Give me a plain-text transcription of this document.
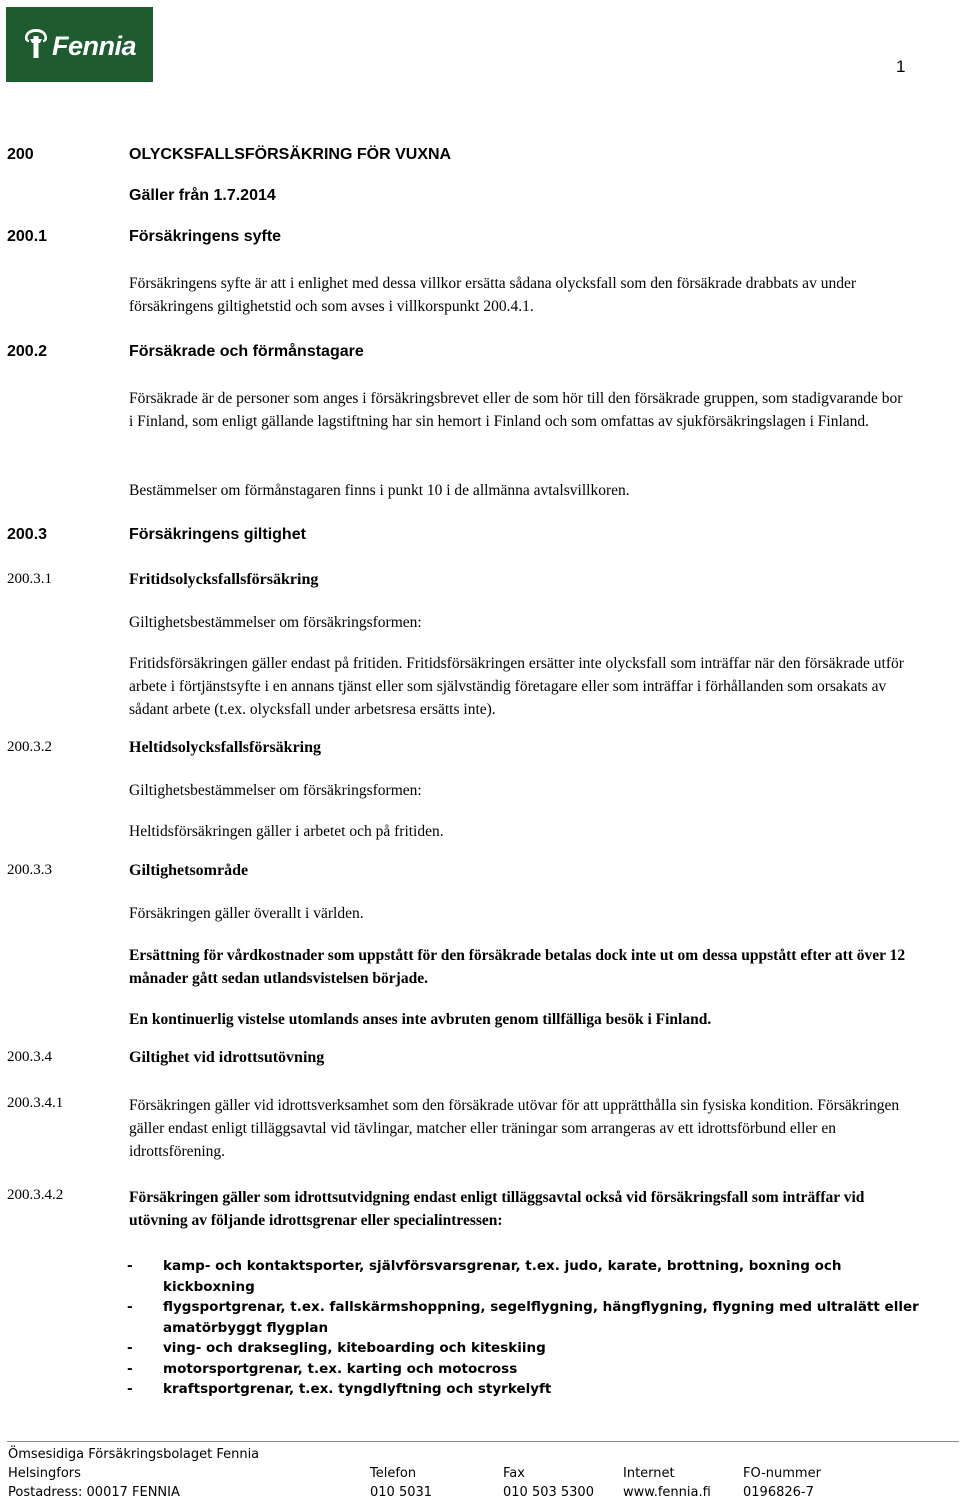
Fennia
1
200	OLYCKSFALLSFÖRSÄKRING FÖR VUXNA
Gäller från 1.7.2014
200.1	Försäkringens syfte
Försäkringens syfte är att i enlighet med dessa villkor ersätta sådana olycksfall som den försäkrade drabbats av under försäkringens giltighetstid och som avses i villkorspunkt 200.4.1.
200.2	Försäkrade och förmånstagare
Försäkrade är de personer som anges i försäkringsbrevet eller de som hör till den försäkrade gruppen, som stadigvarande bor i Finland, som enligt gällande lagstiftning har sin hemort i Finland och som omfattas av sjukförsäkringslagen i Finland.
Bestämmelser om förmånstagaren finns i punkt 10 i de allmänna avtalsvillkoren.
200.3	Försäkringens giltighet
200.3.1	Fritidsolycksfallsförsäkring
Giltighetsbestämmelser om försäkringsformen:
Fritidsförsäkringen gäller endast på fritiden. Fritidsförsäkringen ersätter inte olycksfall som inträffar när den försäkrade utför arbete i förtjänstsyfte i en annans tjänst eller som självständig företagare eller som inträffar i förhållanden som orsakats av sådant arbete (t.ex. olycksfall under arbetsresa ersätts inte).
200.3.2	Heltidsolycksfallsförsäkring
Giltighetsbestämmelser om försäkringsformen:
Heltidsförsäkringen gäller i arbetet och på fritiden.
200.3.3	Giltighetsområde
Försäkringen gäller överallt i världen.
Ersättning för vårdkostnader som uppstått för den försäkrade betalas dock inte ut om dessa uppstått efter att över 12 månader gått sedan utlandsvistelsen började.
En kontinuerlig vistelse utomlands anses inte avbruten genom tillfälliga besök i Finland.
200.3.4	Giltighet vid idrottsutövning
200.3.4.1	Försäkringen gäller vid idrottsverksamhet som den försäkrade utövar för att upprätthålla sin fysiska kondition. Försäkringen gäller endast enligt tilläggsavtal vid tävlingar, matcher eller träningar som arrangeras av ett idrottsförbund eller en idrottsförening.
200.3.4.2	Försäkringen gäller som idrottsutvidgning endast enligt tilläggsavtal också vid försäkringsfall som inträffar vid utövning av följande idrottsgrenar eller specialintressen:
- kamp- och kontaktsporter, självförsvarsgrenar, t.ex. judo, karate, brottning, boxning och kickboxning
- flygsportgrenar, t.ex. fallskärmshoppning, segelflygning, hängflygning, flygning med ultralätt eller amatörbyggt flygplan
- ving- och draksegling, kiteboarding och kiteskiing
- motorsportgrenar, t.ex. karting och motocross
- kraftsportgrenar, t.ex. tyngdlyftning och styrkelyft
Ömsesidiga Försäkringsbolaget Fennia
Helsingfors
Postadress: 00017 FENNIA
Telefon
010 5031
Fax
010 503 5300
Internet
www.fennia.fi
FO-nummer
0196826-7
